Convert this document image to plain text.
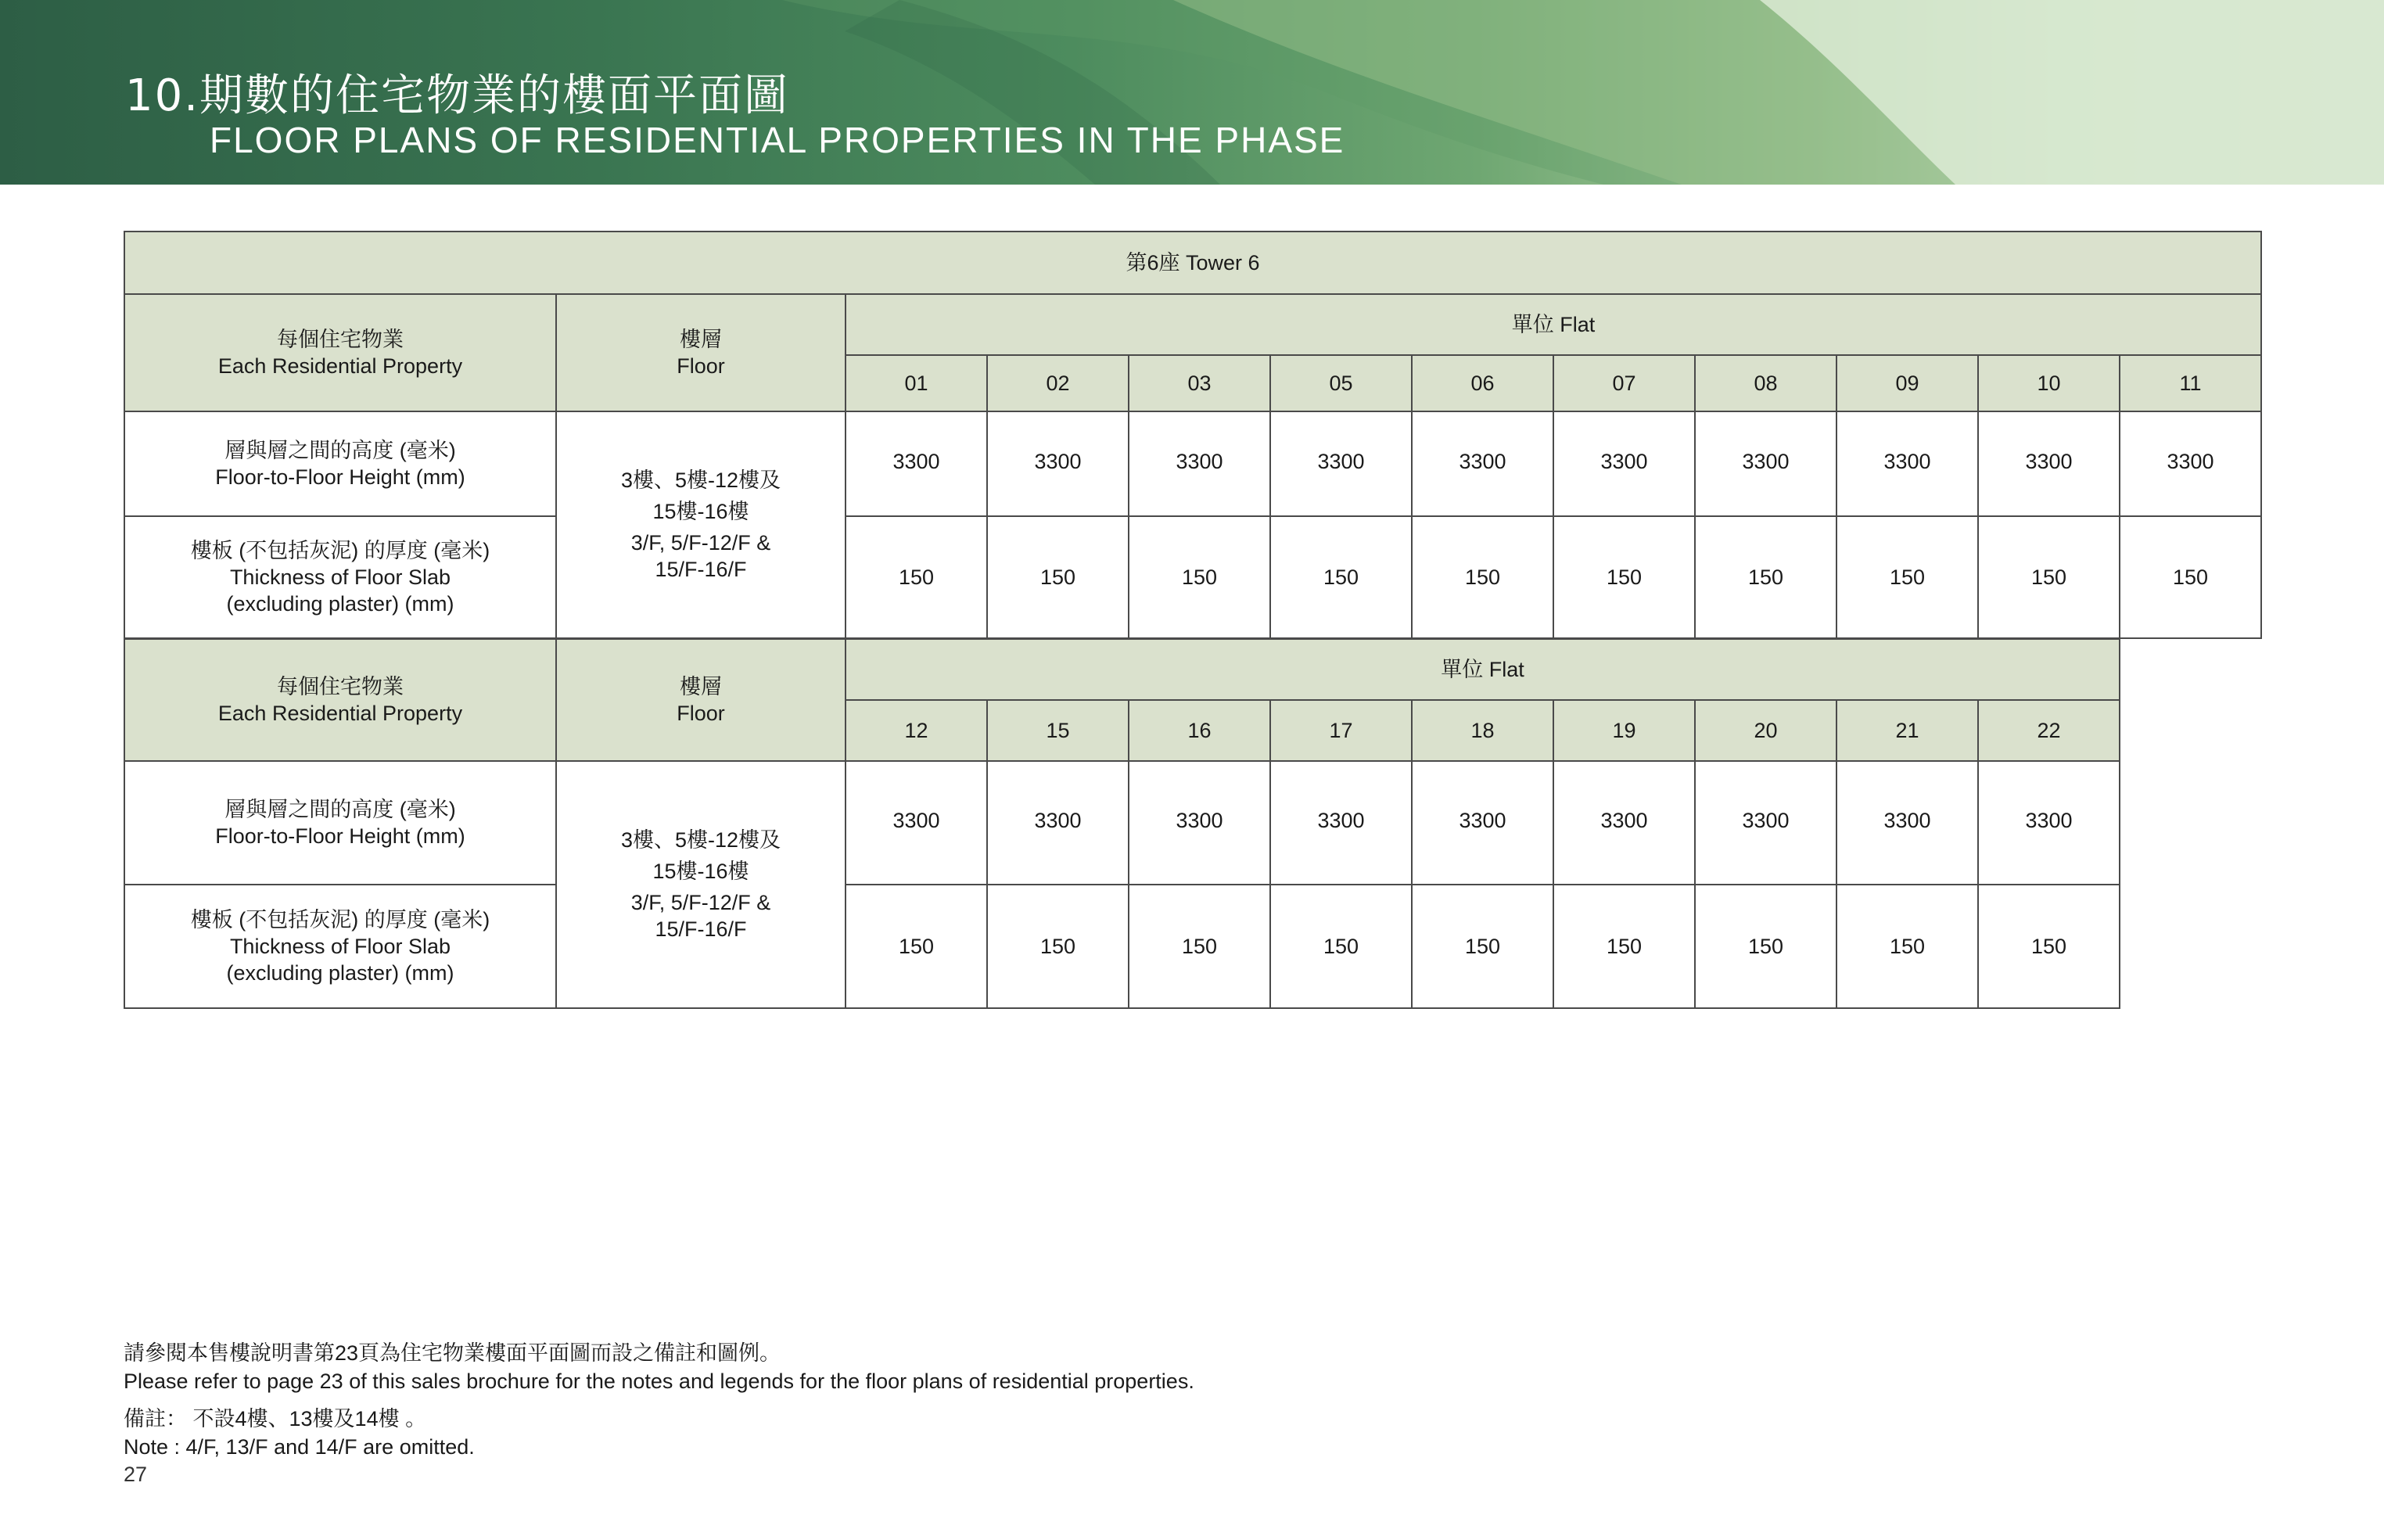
10.期數的住宅物業的樓面平面圖
FLOOR PLANS OF RESIDENTIAL PROPERTIES IN THE PHASE
第6座 Tower 6											

每個住宅物業
Each Residential Property	樓層
Floor	單位 Flat									
		01	02	03	05	06	07	08	09	10	11

層與層之間的高度 (毫米)
Floor-to-Floor Height (mm)	3樓、5樓-12樓及
15樓-16樓
3/F, 5/F-12/F &
15/F-16/F	3300	3300	3300	3300	3300	3300	3300	3300	3300	3300

樓板 (不包括灰泥) 的厚度 (毫米)
Thickness of Floor Slab
(excluding plaster) (mm)		150	150	150	150	150	150	150	150	150	150
每個住宅物業
Each Residential Property	樓層
Floor	單位 Flat									
		12	15	16	17	18	19	20	21	22	

層與層之間的高度 (毫米)
Floor-to-Floor Height (mm)	3樓、5樓-12樓及
15樓-16樓
3/F, 5/F-12/F &
15/F-16/F	3300	3300	3300	3300	3300	3300	3300	3300	3300	

樓板 (不包括灰泥) 的厚度 (毫米)
Thickness of Floor Slab
(excluding plaster) (mm)		150	150	150	150	150	150	150	150	150	

請參閱本售樓說明書第23頁為住宅物業樓面平面圖而設之備註和圖例。

Please refer to page 23 of this sales brochure for the notes and legends for the floor plans of residential properties.

備註： 不設4樓、13樓及14樓 。

Note : 4/F, 13/F and 14/F are omitted.

27
